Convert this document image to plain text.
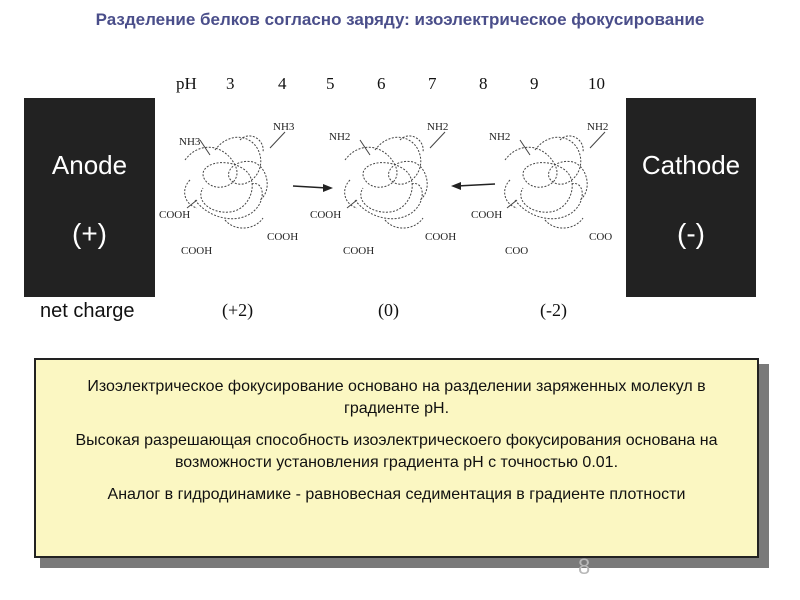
Разделение белков согласно заряду: изоэлектрическое фокусирование
pH 3	4 5	6	7	8	9	10
Anode
(+)
Cathode
(-)
NH3
NH3
COOH
COOH
COOH
NH2
NH2
COOH
COOH
COOH
NH2
NH2
COOH
COO
COO
net charge	(+2)	(0)	(-2)

Изоэлектрическое фокусирование основано на разделении заряженных молекул в градиенте pH.

Высокая разрешающая способность изоэлектрическоего фокусирования основана на возможности установления градиента pH с точностью 0.01.

Аналог в гидродинамике - равновесная седиментация в градиенте плотности

8
